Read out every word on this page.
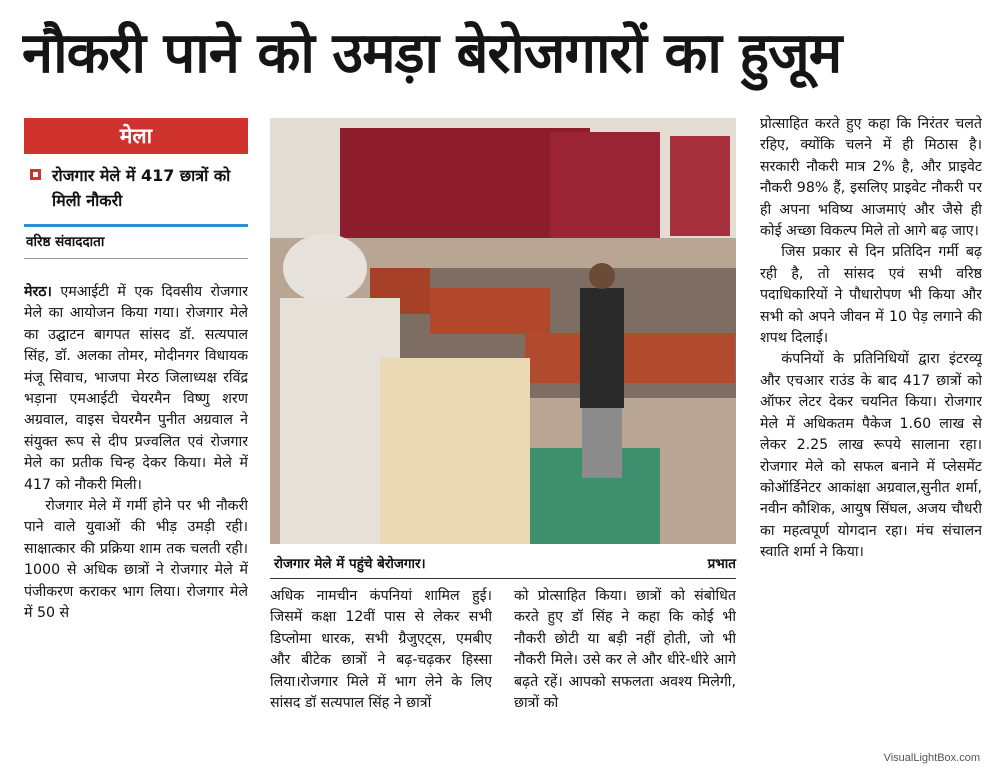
नौकरी पाने को उमड़ा बेरोजगारों का हुजूम
मेला
रोजगार मेले में 417 छात्रों को मिली नौकरी
वरिष्ठ संवाददाता

मेरठ। एमआईटी में एक दिवसीय रोजगार मेले का आयोजन किया गया। रोजगार मेले का उद्घाटन बागपत सांसद डॉ. सत्यपाल सिंह, डॉ. अलका तोमर, मोदीनगर विधायक मंजू सिवाच, भाजपा मेरठ जिलाध्यक्ष रविंद्र भड़ाना एमआईटी चेयरमैन विष्णु शरण अग्रवाल, वाइस चेयरमैन पुनीत अग्रवाल ने संयुक्त रूप से दीप प्रज्वलित एवं रोजगार मेले का प्रतीक चिन्ह देकर किया। मेले में 417 को नौकरी मिली।

रोजगार मेले में गर्मी होने पर भी नौकरी पाने वाले युवाओं की भीड़ उमड़ी रही। साक्षात्कार की प्रक्रिया शाम तक चलती रही। 1000 से अधिक छात्रों ने रोजगार मेले में पंजीकरण कराकर भाग लिया। रोजगार मेले में 50 से

रोजगार मेले में पहुंचे बेरोजगार।	प्रभात

अधिक नामचीन कंपनियां शामिल हुई। जिसमें कक्षा 12वीं पास से लेकर सभी डिप्लोमा धारक, सभी ग्रैजुएट्स, एमबीए और बीटेक छात्रों ने बढ़-चढ़कर हिस्सा लिया।रोजगार मिले में भाग लेने के लिए सांसद डॉ सत्यपाल सिंह ने छात्रों

को प्रोत्साहित किया। छात्रों को संबोधित करते हुए डॉ सिंह ने कहा कि कोई भी नौकरी छोटी या बड़ी नहीं होती, जो भी नौकरी मिले। उसे कर ले और धीरे-धीरे आगे बढ़ते रहें। आपको सफलता अवश्य मिलेगी, छात्रों को

प्रोत्साहित करते हुए कहा कि निरंतर चलते रहिए, क्योंकि चलने में ही मिठास है। सरकारी नौकरी मात्र 2% है, और प्राइवेट नौकरी 98% हैं, इसलिए प्राइवेट नौकरी पर ही अपना भविष्य आजमाएं और जैसे ही कोई अच्छा विकल्प मिले तो आगे बढ़ जाए।

जिस प्रकार से दिन प्रतिदिन गर्मी बढ़ रही है, तो सांसद एवं सभी वरिष्ठ पदाधिकारियों ने पौधारोपण भी किया और सभी को अपने जीवन में 10 पेड़ लगाने की शपथ दिलाई।

कंपनियों के प्रतिनिधियों द्वारा इंटरव्यू और एचआर राउंड के बाद 417 छात्रों को ऑफर लेटर देकर चयनित किया। रोजगार मेले में अधिकतम पैकेज 1.60 लाख से लेकर 2.25 लाख रूपये सालाना रहा। रोजगार मेले को सफल बनाने में प्लेसमेंट कोऑर्डिनेटर आकांक्षा अग्रवाल,सुनीत शर्मा, नवीन कौशिक, आयुष सिंघल, अजय चौधरी का महत्वपूर्ण योगदान रहा। मंच संचालन स्वाति शर्मा ने किया।

VisualLightBox.com
